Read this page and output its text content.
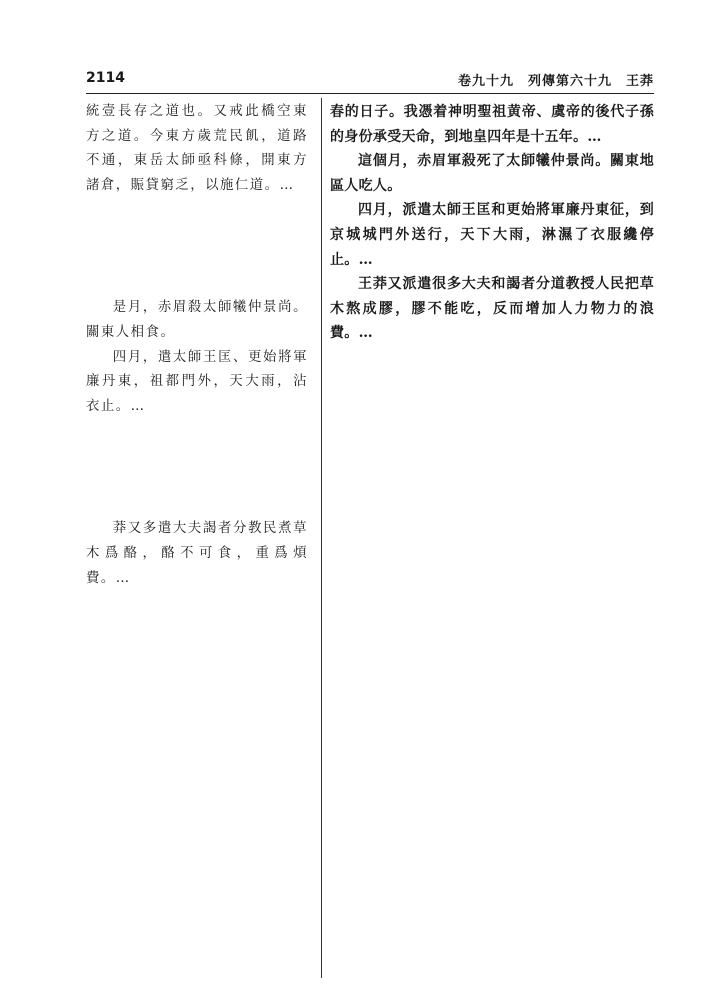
2114	卷九十九　列傳第六十九　王莽

統壹長存之道也。又戒此橋空東方之道。今東方歲荒民飢，道路不通，東岳太師亟科條，開東方諸倉，賑貸窮乏，以施仁道。…

是月，赤眉殺太師犧仲景尚。關東人相食。

四月，遣太師王匡、更始將軍廉丹東，祖都門外，天大雨，沾衣止。…

莽又多遣大夫謁者分教民煮草木爲酪，酪不可食，重爲煩費。…

春的日子。我憑着神明聖祖黄帝、虞帝的後代子孫的身份承受天命，到地皇四年是十五年。…

這個月，赤眉軍殺死了太師犧仲景尚。關東地區人吃人。

四月，派遣太師王匡和更始將軍廉丹東征，到京城城門外送行，天下大雨，淋濕了衣服纔停止。…

王莽又派遣很多大夫和謁者分道教授人民把草木熬成膠，膠不能吃，反而增加人力物力的浪費。…
